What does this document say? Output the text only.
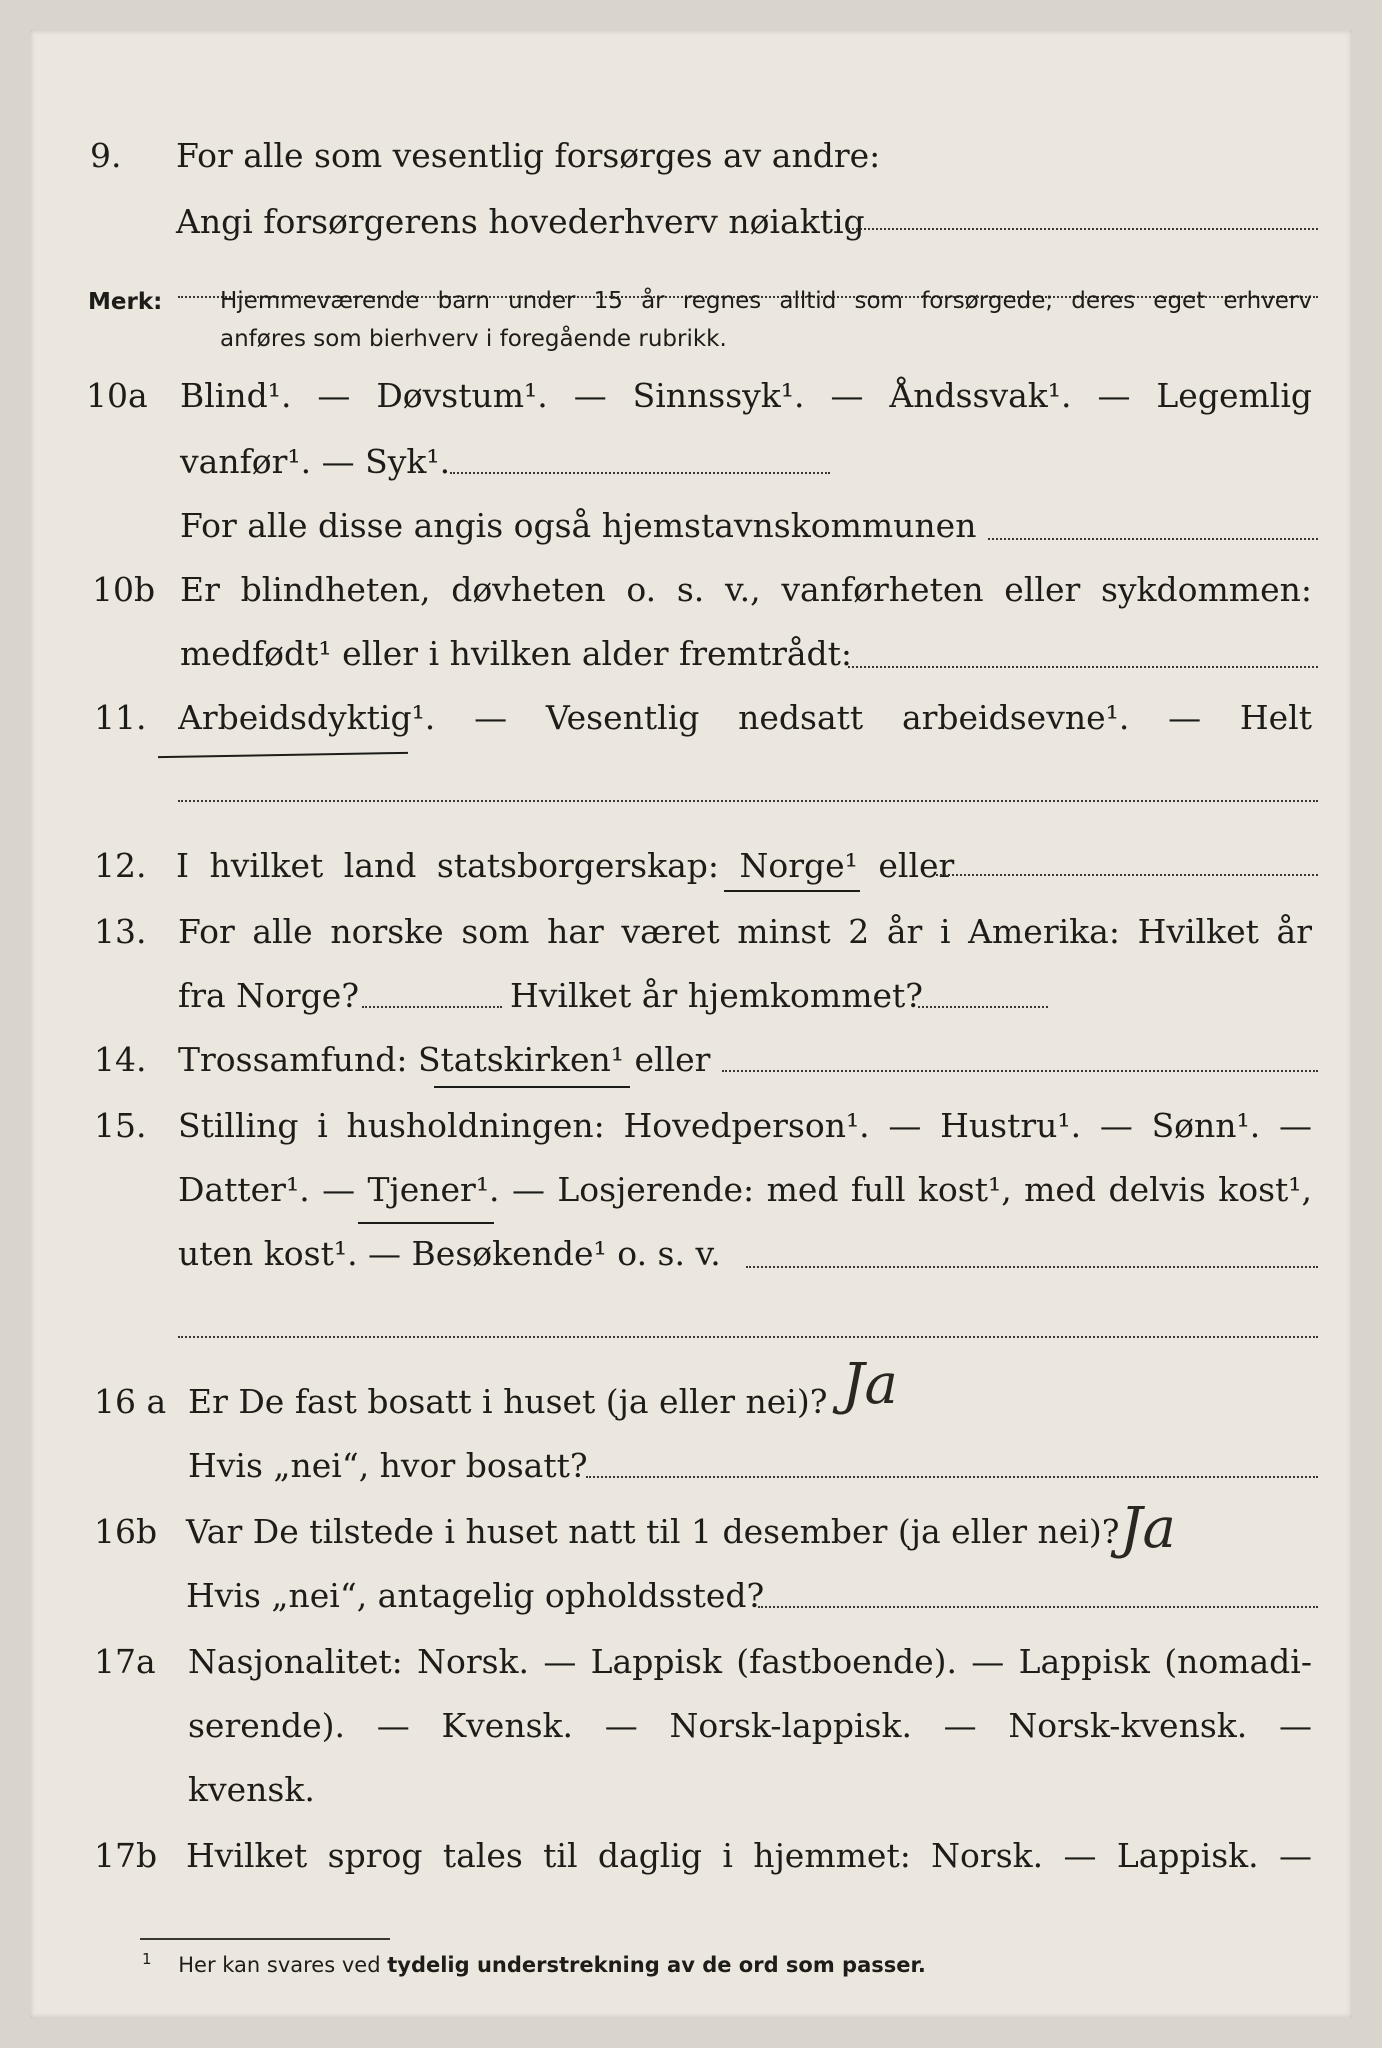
9.	For alle som vesentlig forsørges av andre:
Angi forsørgerens hovederhverv nøiaktig
Merk:	Hjemmeværende barn under 15 år regnes alltid som forsørgede; deres eget erhverv
anføres som bierhverv i foregående rubrikk.
10a Blind¹. — Døvstum¹. — Sinnssyk¹. — Åndssvak¹. — Legemlig
vanfør¹. — Syk¹.
For alle disse angis også hjemstavnskommunen
10b Er blindheten, døvheten o. s. v., vanførheten eller sykdommen:
medfødt¹ eller i hvilken alder fremtrådt:
11. Arbeidsdyktig¹. — Vesentlig nedsatt arbeidsevne¹. — Helt
12. I hvilket land statsborgerskap: Norge¹ eller
13. For alle norske som har været minst 2 år i Amerika: Hvilket år
fra Norge?	Hvilket år hjemkommet?
14. Trossamfund: Statskirken¹ eller
15. Stilling i husholdningen: Hovedperson¹. — Hustru¹. — Sønn¹. —
Datter¹. — Tjener¹. — Losjerende: med full kost¹, med delvis kost¹,
uten kost¹. — Besøkende¹ o. s. v.
16 a Er De fast bosatt i huset (ja eller nei)? Ja
Hvis „nei“, hvor bosatt?
16b Var De tilstede i huset natt til 1 desember (ja eller nei)? Ja
Hvis „nei“, antagelig opholdssted?
17a Nasjonalitet: Norsk. — Lappisk (fastboende). — Lappisk (nomadi-
serende). — Kvensk. — Norsk-lappisk. — Norsk-kvensk. —
kvensk.
17b Hvilket sprog tales til daglig i hjemmet: Norsk. — Lappisk. —
$^1$ Her kan svares ved tydelig understrekning av de ord som passer.
